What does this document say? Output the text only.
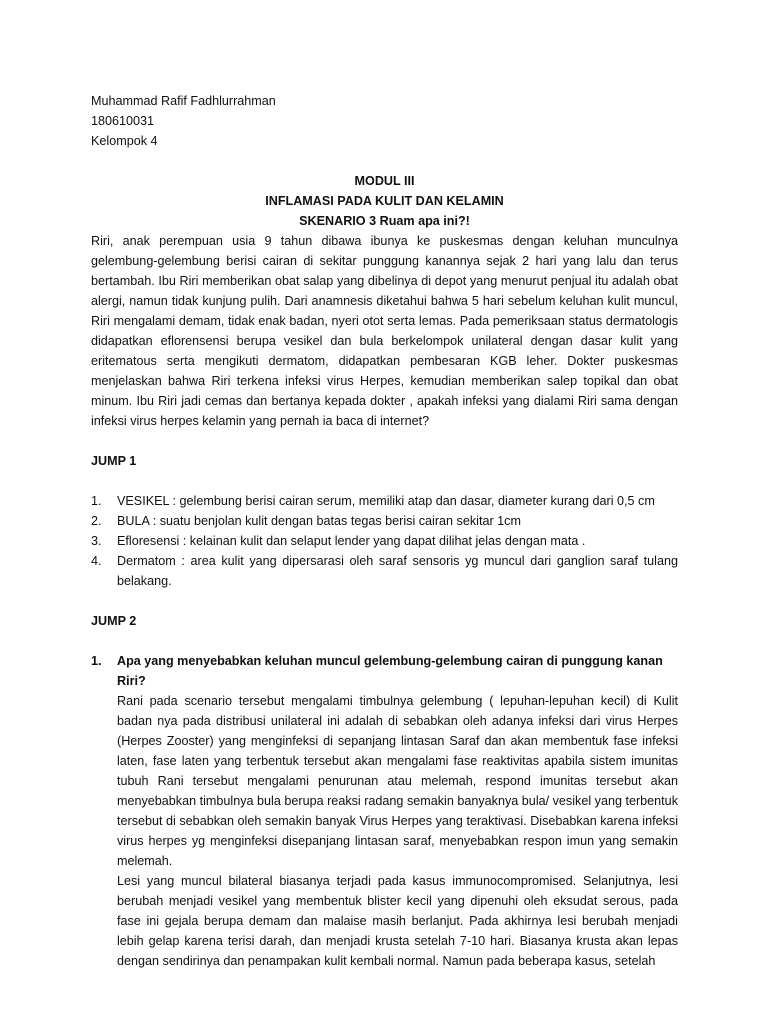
Muhammad Rafif Fadhlurrahman
180610031
Kelompok 4
MODUL III
INFLAMASI PADA KULIT DAN KELAMIN
SKENARIO 3 Ruam apa ini?!

Riri, anak perempuan usia 9 tahun dibawa ibunya ke puskesmas dengan keluhan munculnya gelembung-gelembung berisi cairan di sekitar punggung kanannya sejak 2 hari yang lalu dan terus bertambah. Ibu Riri memberikan obat salap yang dibelinya di depot yang menurut penjual itu adalah obat alergi, namun tidak kunjung pulih. Dari anamnesis diketahui bahwa 5 hari sebelum keluhan kulit muncul, Riri mengalami demam, tidak enak badan, nyeri otot serta lemas. Pada pemeriksaan status dermatologis didapatkan eflorensensi berupa vesikel dan bula berkelompok unilateral dengan dasar kulit yang eritematous serta mengikuti dermatom, didapatkan pembesaran KGB leher. Dokter puskesmas menjelaskan bahwa Riri terkena infeksi virus Herpes, kemudian memberikan salep topikal dan obat minum. Ibu Riri jadi cemas dan bertanya kepada dokter , apakah infeksi yang dialami Riri sama dengan infeksi virus herpes kelamin yang pernah ia baca di internet?

JUMP 1
1. VESIKEL : gelembung berisi cairan serum, memiliki atap dan dasar, diameter kurang dari 0,5 cm
2. BULA : suatu benjolan kulit dengan batas tegas berisi cairan sekitar 1cm
3. Efloresensi : kelainan kulit dan selaput lender yang dapat dilihat jelas dengan mata .
4. Dermatom : area kulit yang dipersarasi oleh saraf sensoris yg muncul dari ganglion saraf tulang belakang.
JUMP 2
1. Apa yang menyebabkan keluhan muncul gelembung-gelembung cairan di punggung kanan Riri?

Rani pada scenario tersebut mengalami timbulnya gelembung ( lepuhan-lepuhan kecil) di Kulit badan nya pada distribusi unilateral ini adalah di sebabkan oleh adanya infeksi dari virus Herpes (Herpes Zooster) yang menginfeksi di sepanjang lintasan Saraf dan akan membentuk fase infeksi laten, fase laten yang terbentuk tersebut akan mengalami fase reaktivitas apabila sistem imunitas tubuh Rani tersebut mengalami penurunan atau melemah, respond imunitas tersebut akan menyebabkan timbulnya bula berupa reaksi radang semakin banyaknya bula/ vesikel yang terbentuk tersebut di sebabkan oleh semakin banyak Virus Herpes yang teraktivasi. Disebabkan karena infeksi virus herpes yg menginfeksi disepanjang lintasan saraf, menyebabkan respon imun yang semakin melemah.

Lesi yang muncul bilateral biasanya terjadi pada kasus immunocompromised. Selanjutnya, lesi berubah menjadi vesikel yang membentuk blister kecil yang dipenuhi oleh eksudat serous, pada fase ini gejala berupa demam dan malaise masih berlanjut. Pada akhirnya lesi berubah menjadi lebih gelap karena terisi darah, dan menjadi krusta setelah 7-10 hari. Biasanya krusta akan lepas dengan sendirinya dan penampakan kulit kembali normal. Namun pada beberapa kasus, setelah
